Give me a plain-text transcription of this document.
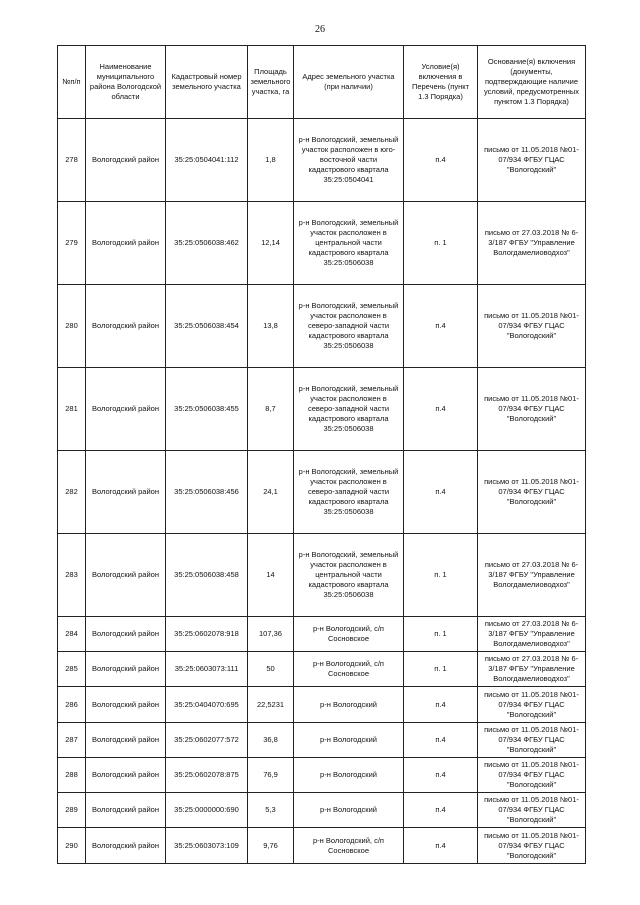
26
№п/п	Наименование муниципального района Вологодской области	Кадастровый номер земельного участка	Площадь земельного участка, га	Адрес земельного участка (при наличии)	Условие(я) включения в Перечень (пункт 1.3 Порядка)	Основание(я) включения (документы, подтверждающие наличие условий, предусмотренных пунктом 1.3 Порядка)
278	Вологодский район	35:25:0504041:112	1,8	р-н Вологодский, земельный участок расположен в юго-восточной части кадастрового квартала 35:25:0504041	п.4	письмо от 11.05.2018 №01-07/934 ФГБУ ГЦАС "Вологодский"
279	Вологодский район	35:25:0506038:462	12,14	р-н Вологодский, земельный участок расположен в центральной части кадастрового квартала 35:25:0506038	п. 1	письмо от 27.03.2018 № 6-3/187 ФГБУ "Управление Вологдамелиоводхоз"
280	Вологодский район	35:25:0506038:454	13,8	р-н Вологодский, земельный участок расположен в северо-западной части кадастрового квартала 35:25:0506038	п.4	письмо от 11.05.2018 №01-07/934 ФГБУ ГЦАС "Вологодский"
281	Вологодский район	35:25:0506038:455	8,7	р-н Вологодский, земельный участок расположен в северо-западной части кадастрового квартала 35:25:0506038	п.4	письмо от 11.05.2018 №01-07/934 ФГБУ ГЦАС "Вологодский"
282	Вологодский район	35:25:0506038:456	24,1	р-н Вологодский, земельный участок расположен в северо-западной части кадастрового квартала 35:25:0506038	п.4	письмо от 11.05.2018 №01-07/934 ФГБУ ГЦАС "Вологодский"
283	Вологодский район	35:25:0506038:458	14	р-н Вологодский, земельный участок расположен в центральной части кадастрового квартала 35:25:0506038	п. 1	письмо от 27.03.2018 № 6-3/187 ФГБУ "Управление Вологдамелиоводхоз"
284	Вологодский район	35:25:0602078:918	107,36	р-н Вологодский, с/п Сосновское	п. 1	письмо от 27.03.2018 № 6-3/187 ФГБУ "Управление Вологдамелиоводхоз"
285	Вологодский район	35:25:0603073:111	50	р-н Вологодский, с/п Сосновское	п. 1	письмо от 27.03.2018 № 6-3/187 ФГБУ "Управление Вологдамелиоводхоз"
286	Вологодский район	35:25:0404070:695	22,5231	р-н Вологодский	п.4	письмо от 11.05.2018 №01-07/934 ФГБУ ГЦАС "Вологодский"
287	Вологодский район	35:25:0602077:572	36,8	р-н Вологодский	п.4	письмо от 11.05.2018 №01-07/934 ФГБУ ГЦАС "Вологодский"
288	Вологодский район	35:25:0602078:875	76,9	р-н Вологодский	п.4	письмо от 11.05.2018 №01-07/934 ФГБУ ГЦАС "Вологодский"
289	Вологодский район	35:25:0000000:690	5,3	р-н Вологодский	п.4	письмо от 11.05.2018 №01-07/934 ФГБУ ГЦАС "Вологодский"
290	Вологодский район	35:25:0603073:109	9,76	р-н Вологодский, с/п Сосновское	п.4	письмо от 11.05.2018 №01-07/934 ФГБУ ГЦАС "Вологодский"
